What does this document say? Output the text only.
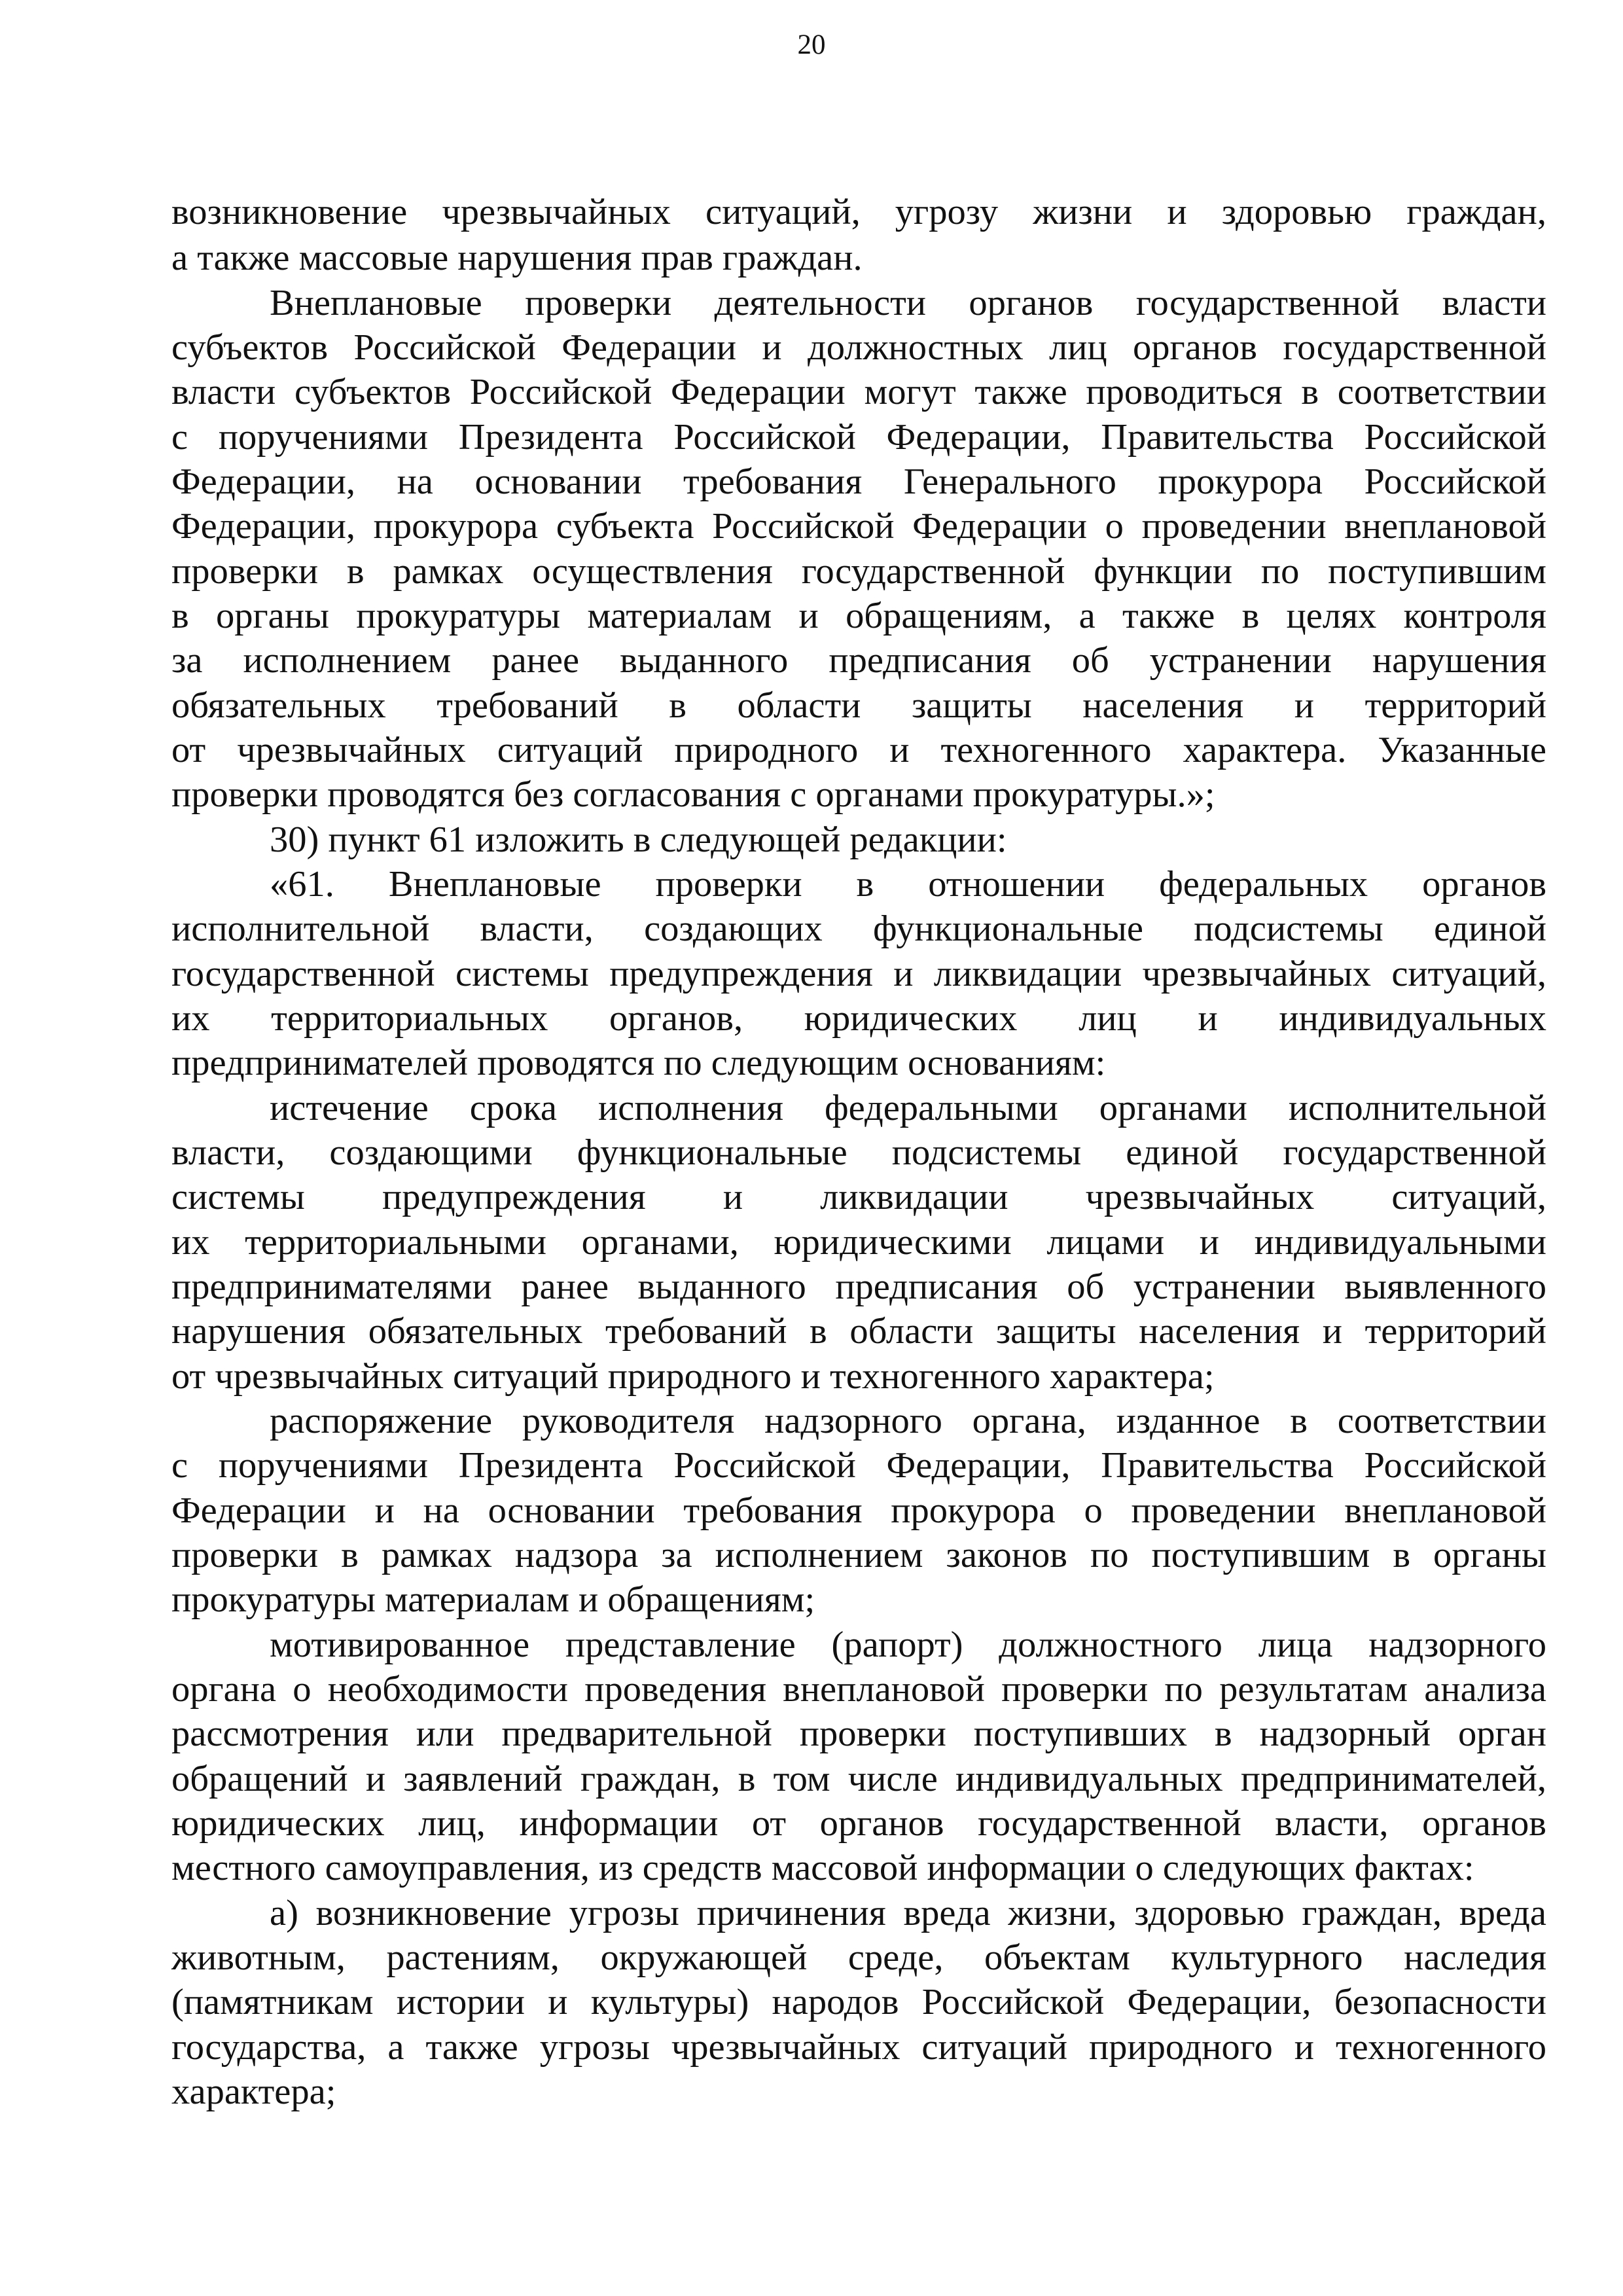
20
возникновение чрезвычайных ситуаций, угрозу жизни и здоровью граждан,
а также массовые нарушения прав граждан.
Внеплановые проверки деятельности органов государственной власти
субъектов Российской Федерации и должностных лиц органов государственной
власти субъектов Российской Федерации могут также проводиться в соответствии
с поручениями Президента Российской Федерации, Правительства Российской
Федерации, на основании требования Генерального прокурора Российской
Федерации, прокурора субъекта Российской Федерации о проведении внеплановой
проверки в рамках осуществления государственной функции по поступившим
в органы прокуратуры материалам и обращениям, а также в целях контроля
за исполнением ранее выданного предписания об устранении нарушения
обязательных требований в области защиты населения и территорий
от чрезвычайных ситуаций природного и техногенного характера. Указанные
проверки проводятся без согласования с органами прокуратуры.»;
30) пункт 61 изложить в следующей редакции:
«61. Внеплановые проверки в отношении федеральных органов
исполнительной власти, создающих функциональные подсистемы единой
государственной системы предупреждения и ликвидации чрезвычайных ситуаций,
их территориальных органов, юридических лиц и индивидуальных
предпринимателей проводятся по следующим основаниям:
истечение срока исполнения федеральными органами исполнительной
власти, создающими функциональные подсистемы единой государственной
системы предупреждения и ликвидации чрезвычайных ситуаций,
их территориальными органами, юридическими лицами и индивидуальными
предпринимателями ранее выданного предписания об устранении выявленного
нарушения обязательных требований в области защиты населения и территорий
от чрезвычайных ситуаций природного и техногенного характера;
распоряжение руководителя надзорного органа, изданное в соответствии
с поручениями Президента Российской Федерации, Правительства Российской
Федерации и на основании требования прокурора о проведении внеплановой
проверки в рамках надзора за исполнением законов по поступившим в органы
прокуратуры материалам и обращениям;
мотивированное представление (рапорт) должностного лица надзорного
органа о необходимости проведения внеплановой проверки по результатам анализа
рассмотрения или предварительной проверки поступивших в надзорный орган
обращений и заявлений граждан, в том числе индивидуальных предпринимателей,
юридических лиц, информации от органов государственной власти, органов
местного самоуправления, из средств массовой информации о следующих фактах:
а) возникновение угрозы причинения вреда жизни, здоровью граждан, вреда
животным, растениям, окружающей среде, объектам культурного наследия
(памятникам истории и культуры) народов Российской Федерации, безопасности
государства, а также угрозы чрезвычайных ситуаций природного и техногенного
характера;
